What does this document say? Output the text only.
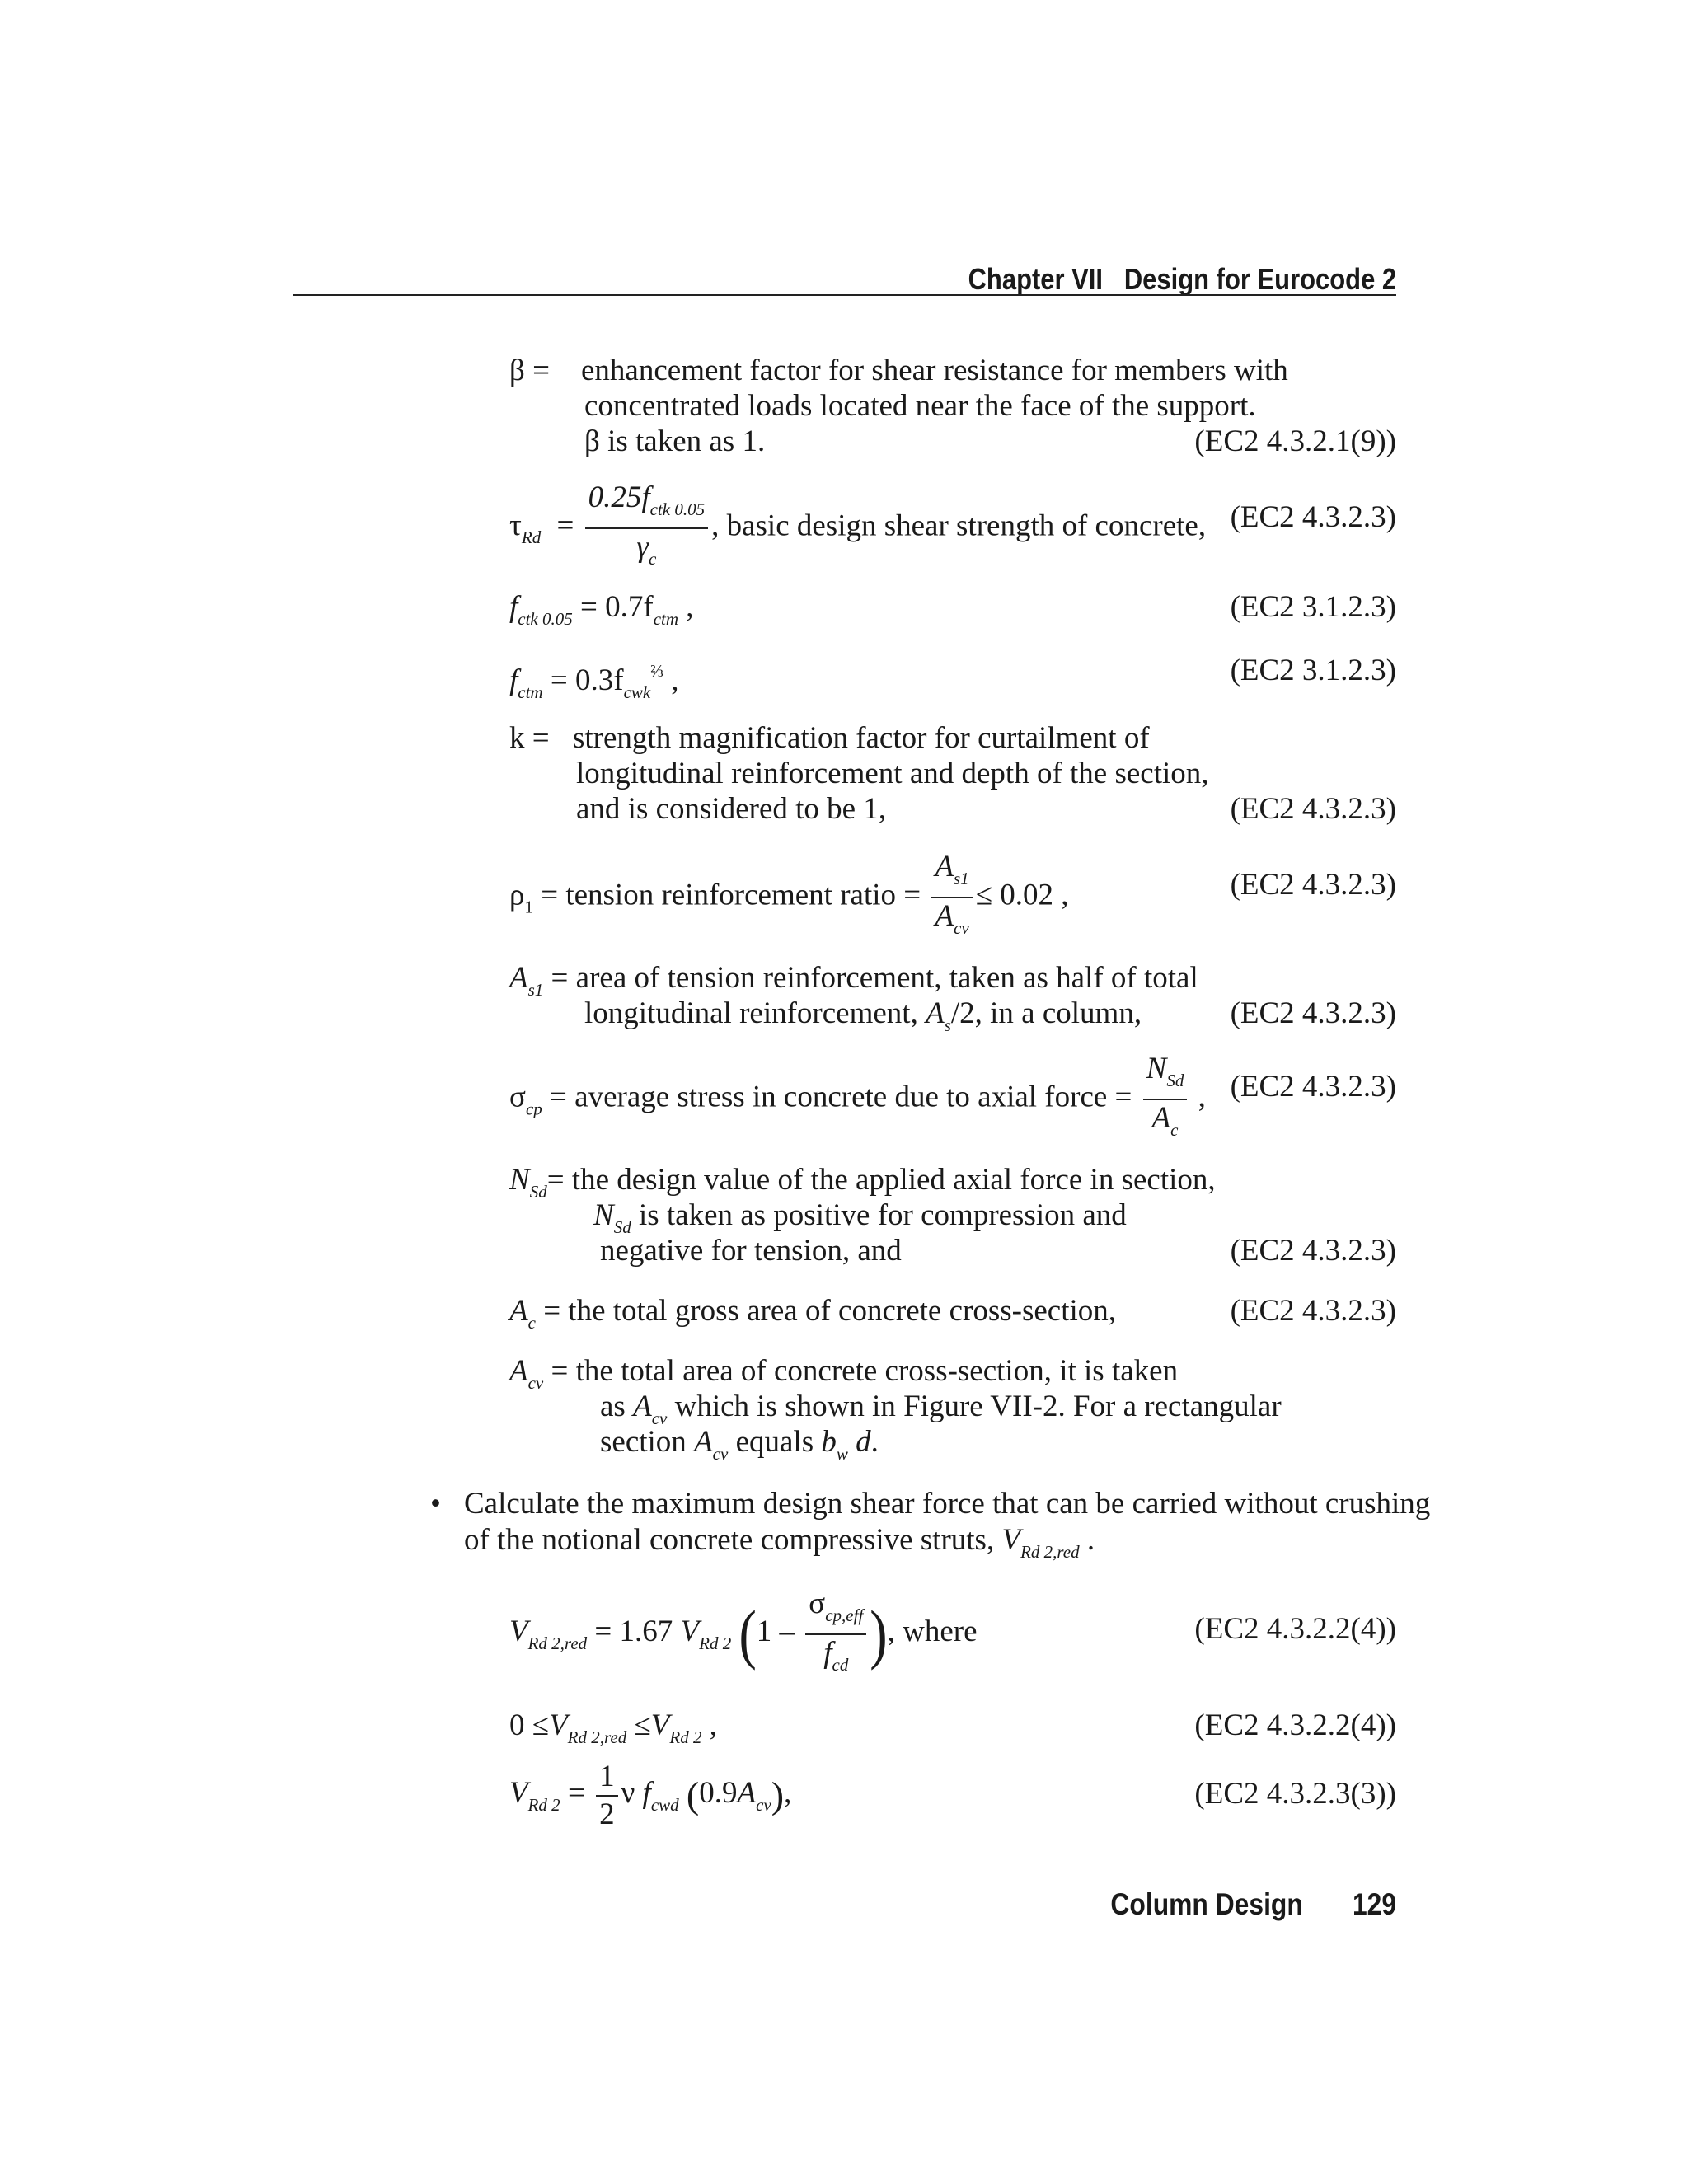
Chapter VII Design for Eurocode 2
β = enhancement factor for shear resistance for members with
concentrated loads located near the face of the support.
β is taken as 1.	(EC2 4.3.2.1(9))
$\tau_{Rd} = \frac{0.25f_{ctk 0.05}}{\gamma_c}$ , basic design shear strength of concrete, (EC2 4.3.2.3)
$f_{ctk 0.05} = 0.7f_{ctm}$ ,	(EC2 3.1.2.3)
$f_{ctm} = 0.3f_{cwk}^{\frac{2}{3}}$ ,	(EC2 3.1.2.3)
k = strength magnification factor for curtailment of
longitudinal reinforcement and depth of the section,
and is considered to be 1,	(EC2 4.3.2.3)
$\rho_1$ = tension reinforcement ratio = $\frac{A_{s1}}{A_{cv}} \le 0.02$ ,	(EC2 4.3.2.3)
$A_{s1}$ = area of tension reinforcement, taken as half of total
longitudinal reinforcement, $A_s/2$, in a column,	(EC2 4.3.2.3)
$\sigma_{cp}$ = average stress in concrete due to axial force = $\frac{N_{Sd}}{A_c}$ , (EC2 4.3.2.3)
$N_{Sd}=$ the design value of the applied axial force in section,
$N_{Sd}$ is taken as positive for compression and
negative for tension, and	(EC2 4.3.2.3)
$A_c$ = the total gross area of concrete cross-section,	(EC2 4.3.2.3)
$A_{cv}$ = the total area of concrete cross-section, it is taken
as $A_{cv}$ which is shown in Figure VII-2. For a rectangular
section $A_{cv}$ equals $b_w$ d.
• Calculate the maximum design shear force that can be carried without crushing
of the notional concrete compressive struts, $V_{Rd 2,red}$ .
$V_{Rd 2,red} = 1.67$ $V_{Rd 2}$ ($1 - \frac{\sigma_{cp,eff}}{f_{cd}}$ ), where	(EC2 4.3.2.2(4))
$0 \le V_{Rd 2,red} \le V_{Rd 2}$ ,	(EC2 4.3.2.2(4))
$V_{Rd 2} = \frac{1}{2}$ ν $f_{cwd}$ $(0.9A_{cv})$,	(EC2 4.3.2.3(3))
Column Design 129
